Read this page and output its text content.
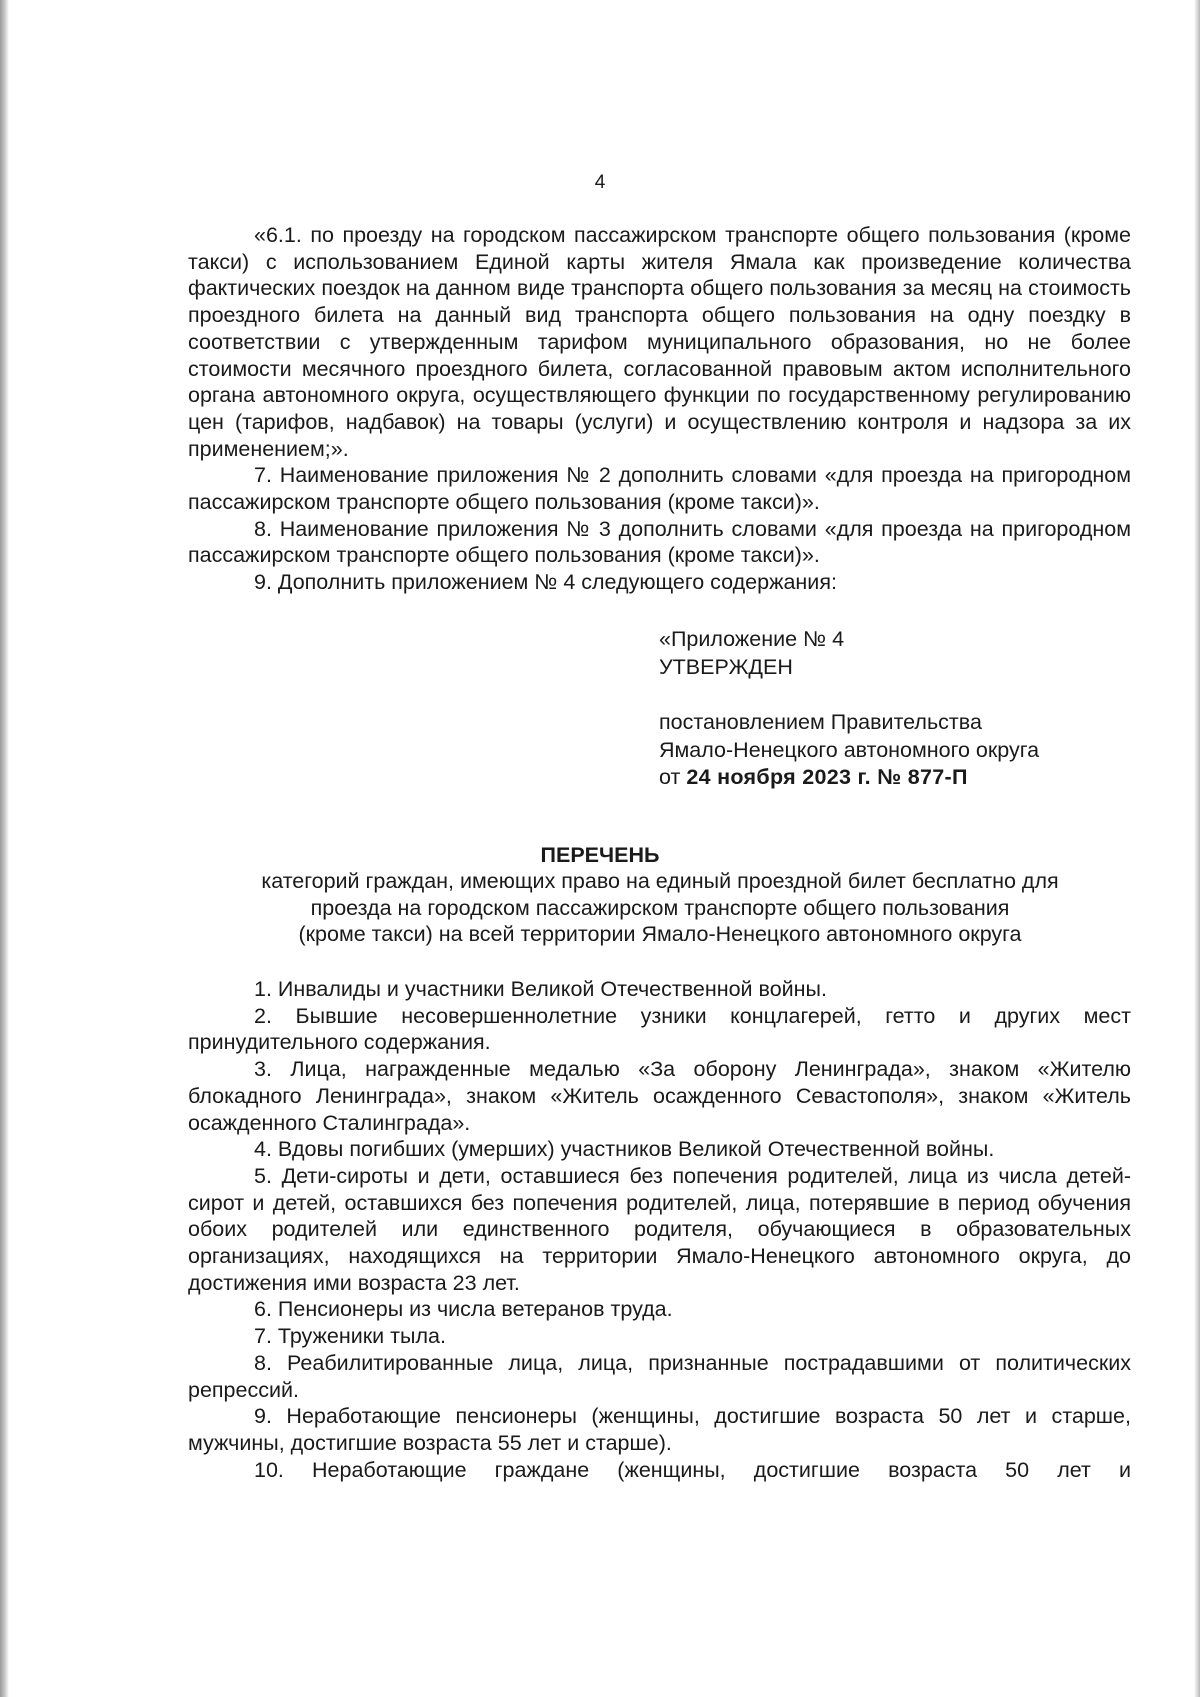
4

«6.1. по проезду на городском пассажирском транспорте общего пользования (кроме такси) с использованием Единой карты жителя Ямала как произведение количества фактических поездок на данном виде транспорта общего пользования за месяц на стоимость проездного билета на данный вид транспорта общего пользования на одну поездку в соответствии с утвержденным тарифом муниципального образования, но не более стоимости месячного проездного билета, согласованной правовым актом исполнительного органа автономного округа, осуществляющего функции по государственному регулированию цен (тарифов, надбавок) на товары (услуги) и осуществлению контроля и надзора за их применением;».

7. Наименование приложения № 2 дополнить словами «для проезда на пригородном пассажирском транспорте общего пользования (кроме такси)».

8. Наименование приложения № 3 дополнить словами «для проезда на пригородном пассажирском транспорте общего пользования (кроме такси)».

9. Дополнить приложением № 4 следующего содержания:

«Приложение № 4
УТВЕРЖДЕН
постановлением Правительства
Ямало-Ненецкого автономного округа
от 24 ноября 2023 г. № 877-П
ПЕРЕЧЕНЬ
категорий граждан, имеющих право на единый проездной билет бесплатно для
проезда на городском пассажирском транспорте общего пользования
(кроме такси) на всей территории Ямало-Ненецкого автономного округа

1. Инвалиды и участники Великой Отечественной войны.

2. Бывшие несовершеннолетние узники концлагерей, гетто и других мест принудительного содержания.

3. Лица, награжденные медалью «За оборону Ленинграда», знаком «Жителю блокадного Ленинграда», знаком «Житель осажденного Севастополя», знаком «Житель осажденного Сталинграда».

4. Вдовы погибших (умерших) участников Великой Отечественной войны.

5. Дети-сироты и дети, оставшиеся без попечения родителей, лица из числа детей-сирот и детей, оставшихся без попечения родителей, лица, потерявшие в период обучения обоих родителей или единственного родителя, обучающиеся в образовательных организациях, находящихся на территории Ямало-Ненецкого автономного округа, до достижения ими возраста 23 лет.

6. Пенсионеры из числа ветеранов труда.

7. Труженики тыла.

8. Реабилитированные лица, лица, признанные пострадавшими от политических репрессий.

9. Неработающие пенсионеры (женщины, достигшие возраста 50 лет и старше, мужчины, достигшие возраста 55 лет и старше).

10. Неработающие граждане (женщины, достигшие возраста 50 лет и
